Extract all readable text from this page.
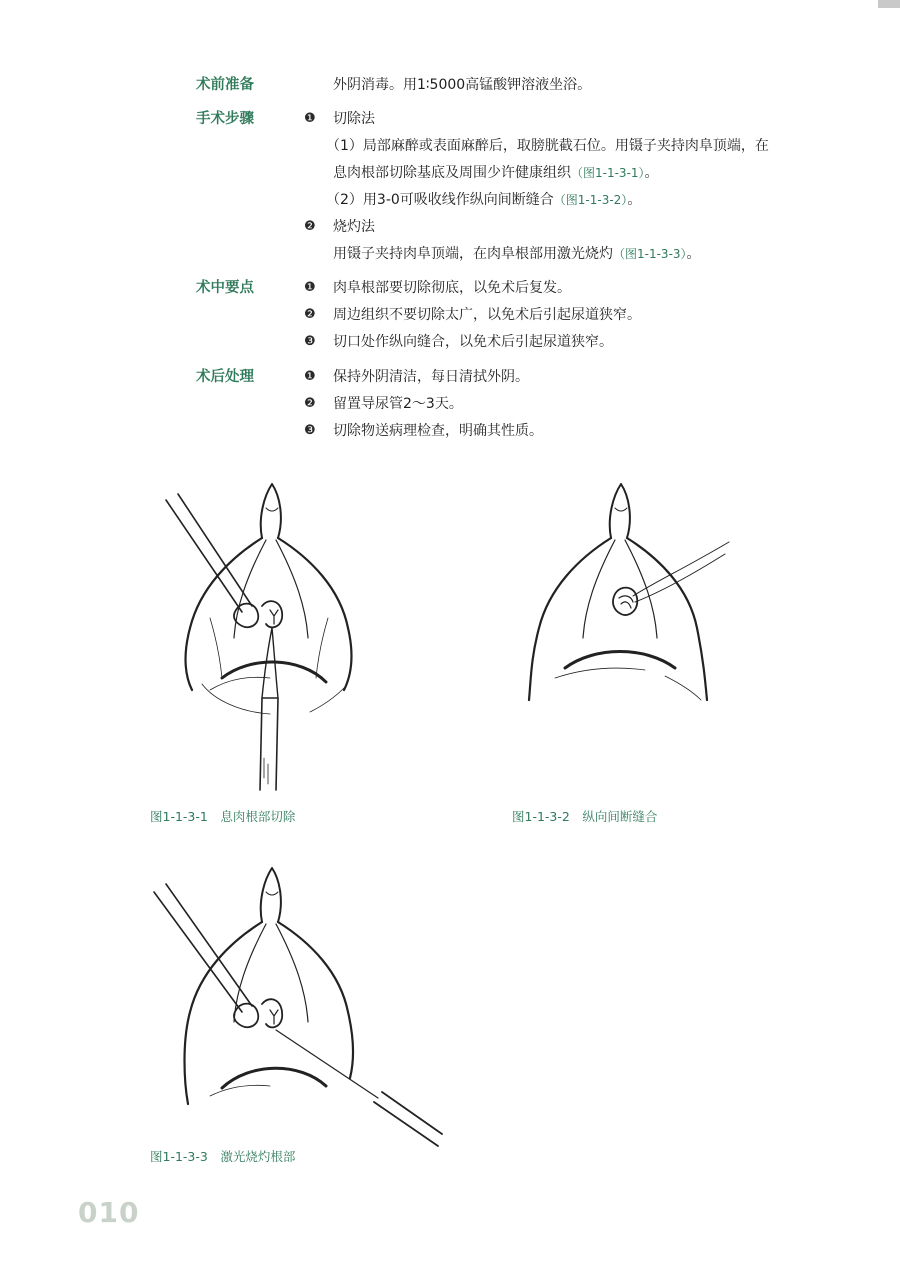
术前准备	外阴消毒。用1∶5000高锰酸钾溶液坐浴。
手术步骤	❶ 切除法
（1）局部麻醉或表面麻醉后，取膀胱截石位。用镊子夹持肉阜顶端，在
息肉根部切除基底及周围少许健康组织（图1-1-3-1）。
（2）用3-0可吸收线作纵向间断缝合（图1-1-3-2）。
❷ 烧灼法
用镊子夹持肉阜顶端，在肉阜根部用激光烧灼（图1-1-3-3）。
术中要点	❶ 肉阜根部要切除彻底，以免术后复发。
❷ 周边组织不要切除太广，以免术后引起尿道狭窄。
❸ 切口处作纵向缝合，以免术后引起尿道狭窄。
术后处理	❶ 保持外阴清洁，每日清拭外阴。
❷ 留置导尿管2～3天。
❸ 切除物送病理检查，明确其性质。
图1-1-3-1　息肉根部切除	图1-1-3-2　纵向间断缝合
图1-1-3-3　激光烧灼根部
010
